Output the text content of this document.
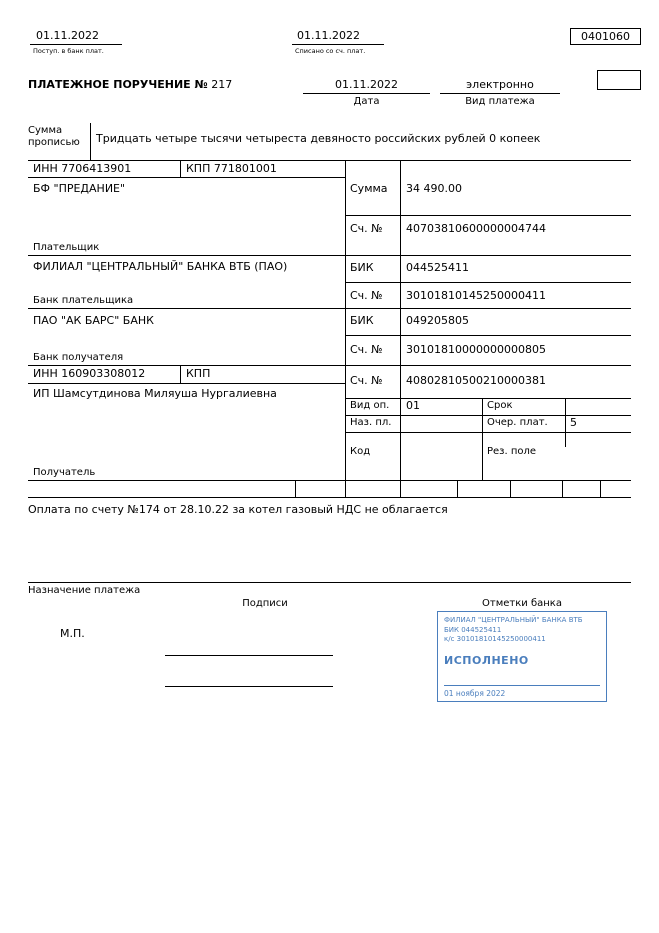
01.11.2022
Поступ. в банк плат.
01.11.2022
Списано со сч. плат.
0401060
ПЛАТЕЖНОЕ ПОРУЧЕНИЕ № 217	01.11.2022
Дата
электронно
Вид платежа
Сумма
прописью Тридцать четыре тысячи четыреста девяносто российских рублей 0 копеек
ИНН 7706413901	КПП 771801001
БФ "ПРЕДАНИЕ"
Плательщик
Сумма 34 490.00
Сч. № 40703810600000004744
ФИЛИАЛ "ЦЕНТРАЛЬНЫЙ" БАНКА ВТБ (ПАО)
Банк плательщика
БИК	044525411
Сч. № 30101810145250000411
ПАО "АК БАРС" БАНК
Банк получателя
БИК	049205805
Сч. № 30101810000000000805
ИНН 160903308012	КПП
ИП Шамсутдинова Миляуша Нургалиевна
Получатель
Сч. № 40802810500210000381
Вид оп. 01	Срок
Наз. пл.	Очер. плат. 5
Код	Рез. поле
Оплата по счету №174 от 28.10.22 за котел газовый НДС не облагается
Назначение платежа
Подписи	Отметки банка
М.П.
ФИЛИАЛ "ЦЕНТРАЛЬНЫЙ" БАНКА ВТБ
БИК 044525411
к/с 30101810145250000411
ИСПОЛНЕНО
01 ноября 2022
